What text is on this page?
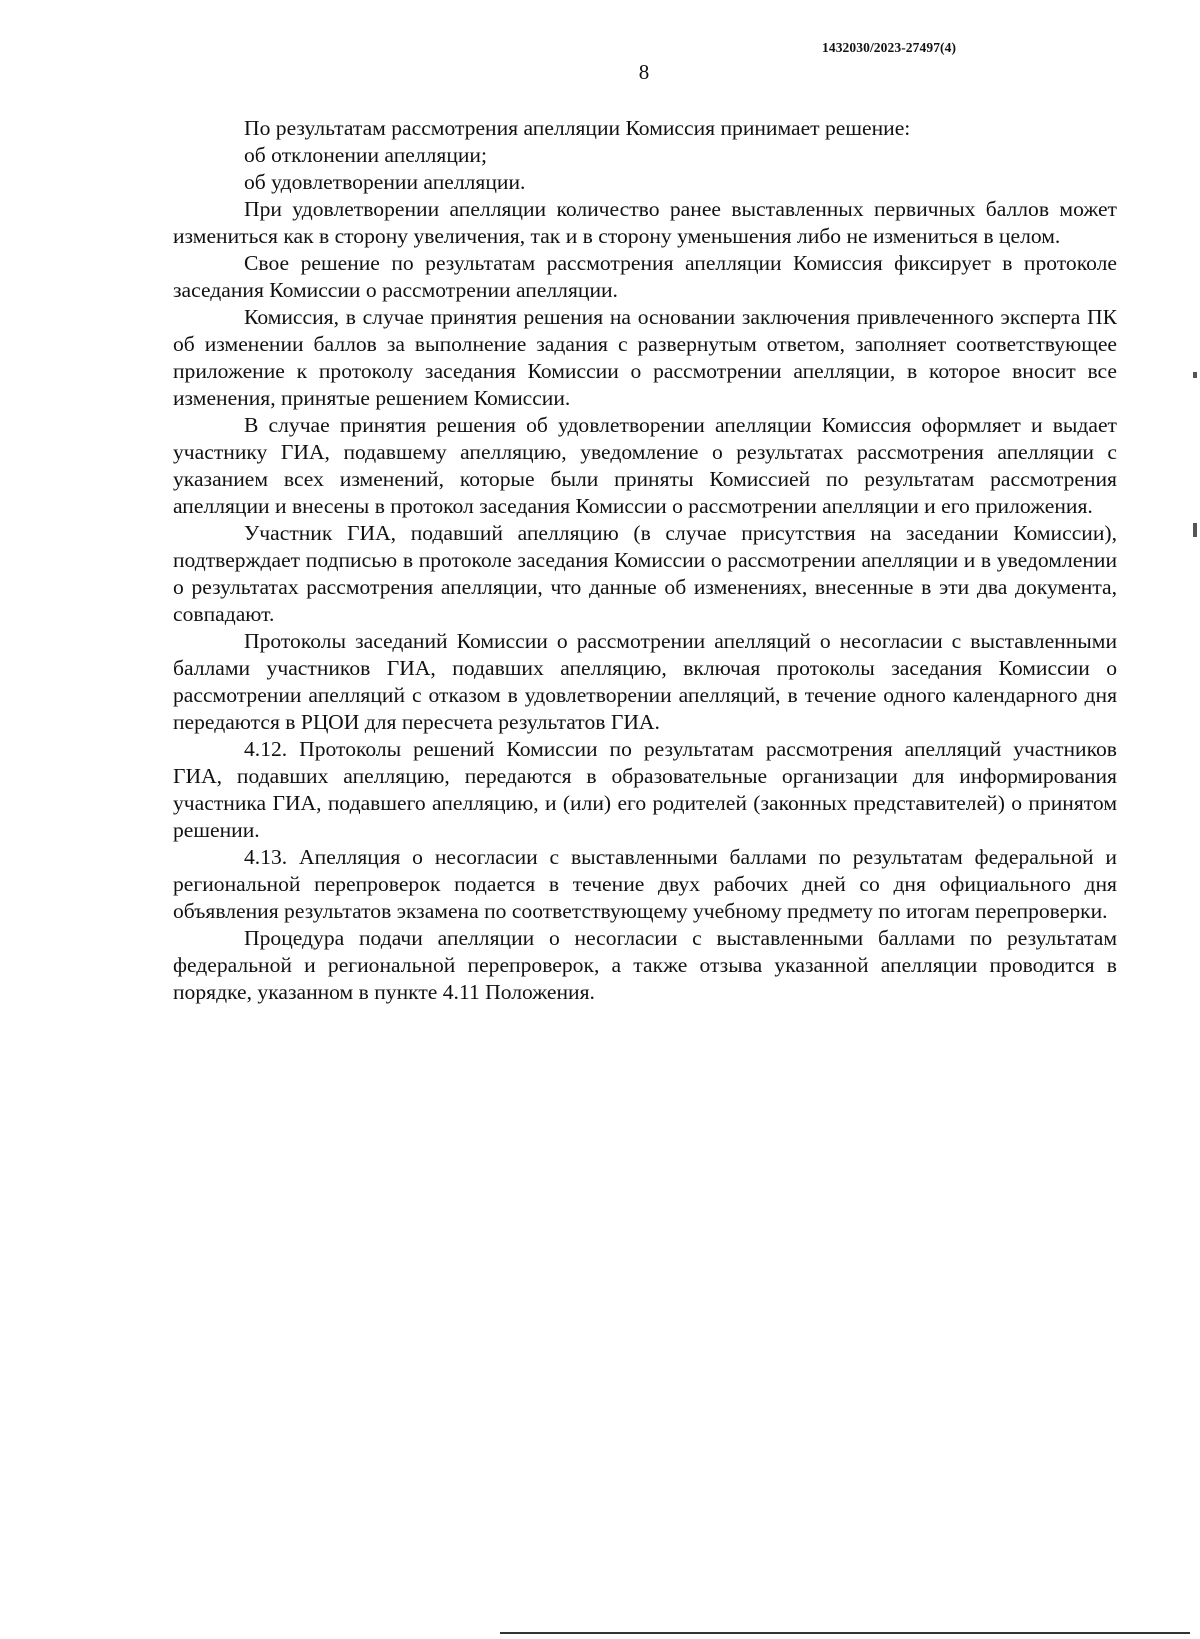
1432030/2023-27497(4)
8

По результатам рассмотрения апелляции Комиссия принимает решение:

об отклонении апелляции;

об удовлетворении апелляции.

При удовлетворении апелляции количество ранее выставленных первичных баллов может измениться как в сторону увеличения, так и в сторону уменьшения либо не измениться в целом.

Свое решение по результатам рассмотрения апелляции Комиссия фиксирует в протоколе заседания Комиссии о рассмотрении апелляции.

Комиссия, в случае принятия решения на основании заключения привлеченного эксперта ПК об изменении баллов за выполнение задания с развернутым ответом, заполняет соответствующее приложение к протоколу заседания Комиссии о рассмотрении апелляции, в которое вносит все изменения, принятые решением Комиссии.

В случае принятия решения об удовлетворении апелляции Комиссия оформляет и выдает участнику ГИА, подавшему апелляцию, уведомление о результатах рассмотрения апелляции с указанием всех изменений, которые были приняты Комиссией по результатам рассмотрения апелляции и внесены в протокол заседания Комиссии о рассмотрении апелляции и его приложения.

Участник ГИА, подавший апелляцию (в случае присутствия на заседании Комиссии), подтверждает подписью в протоколе заседания Комиссии о рассмотрении апелляции и в уведомлении о результатах рассмотрения апелляции, что данные об изменениях, внесенные в эти два документа, совпадают.

Протоколы заседаний Комиссии о рассмотрении апелляций о несогласии с выставленными баллами участников ГИА, подавших апелляцию, включая протоколы заседания Комиссии о рассмотрении апелляций с отказом в удовлетворении апелляций, в течение одного календарного дня передаются в РЦОИ для пересчета результатов ГИА.

4.12. Протоколы решений Комиссии по результатам рассмотрения апелляций участников ГИА, подавших апелляцию, передаются в образовательные организации для информирования участника ГИА, подавшего апелляцию, и (или) его родителей (законных представителей) о принятом решении.

4.13. Апелляция о несогласии с выставленными баллами по результатам федеральной и региональной перепроверок подается в течение двух рабочих дней со дня официального дня объявления результатов экзамена по соответствующему учебному предмету по итогам перепроверки.

Процедура подачи апелляции о несогласии с выставленными баллами по результатам федеральной и региональной перепроверок, а также отзыва указанной апелляции проводится в порядке, указанном в пункте 4.11 Положения.
